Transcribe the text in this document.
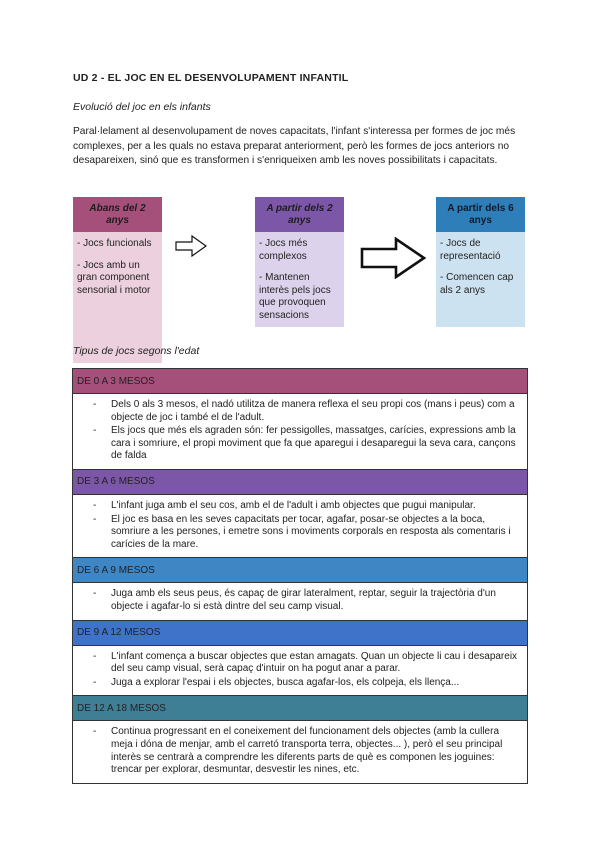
UD 2 - EL JOC EN EL DESENVOLUPAMENT INFANTIL
Evolució del joc en els infants
Paral·lelament al desenvolupament de noves capacitats, l'infant s'interessa per formes de joc més complexes, per a les quals no estava preparat anteriorment, però les formes de jocs anteriors no desapareixen, sinó que es transformen i s'enriqueixen amb les noves possibilitats i capacitats.
Abans del 2 anys

- Jocs funcionals

- Jocs amb un gran component sensorial i motor

A partir dels 2 anys

- Jocs més complexos

- Mantenen interès pels jocs que provoquen sensacions

A partir dels 6 anys

- Jocs de representació

- Comencen cap als 2 anys

Tipus de jocs segons l'edat
DE 0 A 3 MESOS
- Dels 0 als 3 mesos, el nadó utilitza de manera reflexa el seu propi cos (mans i peus) com a objecte de joc i també el de l'adult.
- Els jocs que més els agraden són: fer pessigolles, massatges, carícies, expressions amb la cara i somriure, el propi moviment que fa que aparegui i desaparegui la seva cara, cançons de falda
DE 3 A 6 MESOS
- L'infant juga amb el seu cos, amb el de l'adult i amb objectes que pugui manipular.
- El joc es basa en les seves capacitats per tocar, agafar, posar-se objectes a la boca, somriure a les persones, i emetre sons i moviments corporals en resposta als comentaris i carícies de la mare.
DE 6 A 9 MESOS
- Juga amb els seus peus, és capaç de girar lateralment, reptar, seguir la trajectòria d'un objecte i agafar-lo si està dintre del seu camp visual.
DE 9 A 12 MESOS
- L'infant comença a buscar objectes que estan amagats. Quan un objecte li cau i desapareix del seu camp visual, serà capaç d'intuir on ha pogut anar a parar.
- Juga a explorar l'espai i els objectes, busca agafar-los, els colpeja, els llença...
DE 12 A 18 MESOS
- Continua progressant en el coneixement del funcionament dels objectes (amb la cullera meja i dóna de menjar, amb el carretó transporta terra, objectes... ), però el seu principal interès se centrarà a comprendre les diferents parts de què es componen les joguines: trencar per explorar, desmuntar, desvestir les nines, etc.
